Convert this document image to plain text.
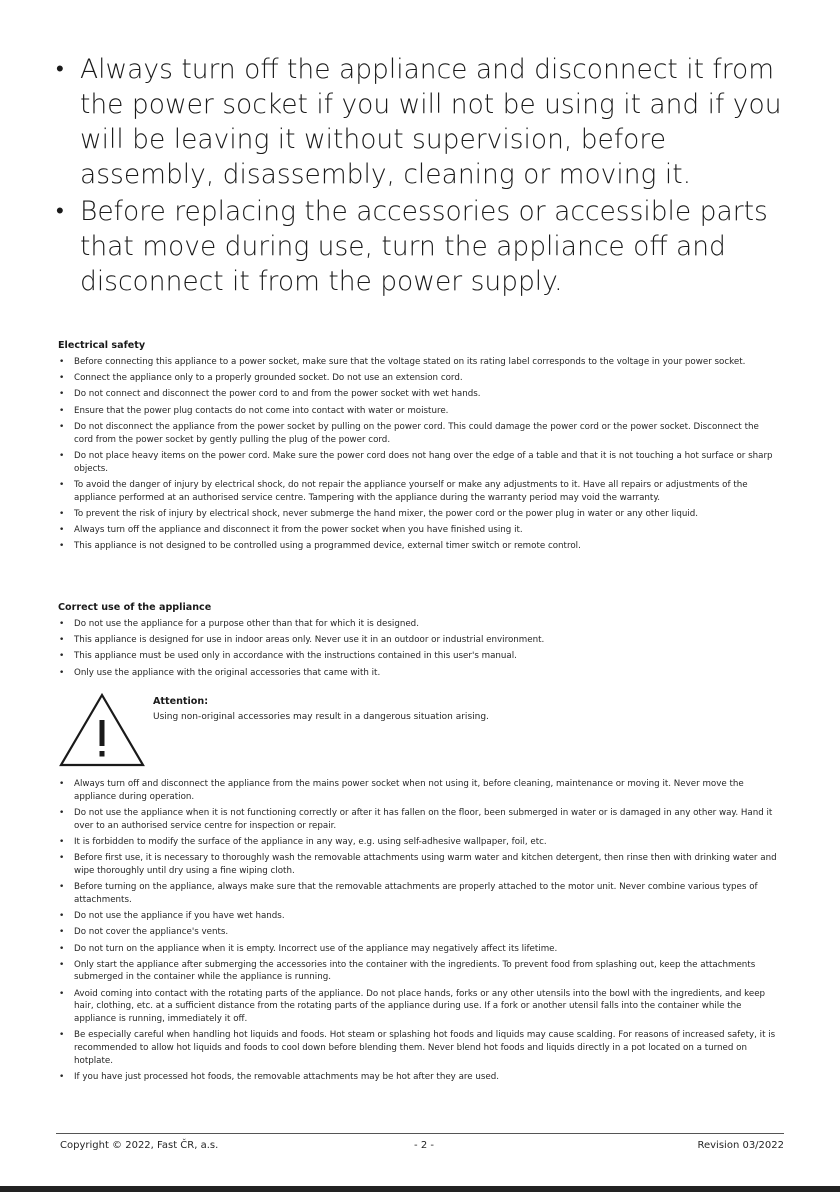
• Always turn off the appliance and disconnect it from the power socket if you will not be using it and if you will be leaving it without supervision, before assembly, disassembly, cleaning or moving it.
• Before replacing the accessories or accessible parts that move during use, turn the appliance off and disconnect it from the power supply.
Electrical safety
• Before connecting this appliance to a power socket, make sure that the voltage stated on its rating label corresponds to the voltage in your power socket.
• Connect the appliance only to a properly grounded socket. Do not use an extension cord.
• Do not connect and disconnect the power cord to and from the power socket with wet hands.
• Ensure that the power plug contacts do not come into contact with water or moisture.
• Do not disconnect the appliance from the power socket by pulling on the power cord. This could damage the power cord or the power socket. Disconnect the cord from the power socket by gently pulling the plug of the power cord.
• Do not place heavy items on the power cord. Make sure the power cord does not hang over the edge of a table and that it is not touching a hot surface or sharp objects.
• To avoid the danger of injury by electrical shock, do not repair the appliance yourself or make any adjustments to it. Have all repairs or adjustments of the appliance performed at an authorised service centre. Tampering with the appliance during the warranty period may void the warranty.
• To prevent the risk of injury by electrical shock, never submerge the hand mixer, the power cord or the power plug in water or any other liquid.
• Always turn off the appliance and disconnect it from the power socket when you have finished using it.
• This appliance is not designed to be controlled using a programmed device, external timer switch or remote control.
Correct use of the appliance
• Do not use the appliance for a purpose other than that for which it is designed.
• This appliance is designed for use in indoor areas only. Never use it in an outdoor or industrial environment.
• This appliance must be used only in accordance with the instructions contained in this user's manual.
• Only use the appliance with the original accessories that came with it.
Attention:
Using non-original accessories may result in a dangerous situation arising.
• Always turn off and disconnect the appliance from the mains power socket when not using it, before cleaning, maintenance or moving it. Never move the appliance during operation.
• Do not use the appliance when it is not functioning correctly or after it has fallen on the floor, been submerged in water or is damaged in any other way. Hand it over to an authorised service centre for inspection or repair.
• It is forbidden to modify the surface of the appliance in any way, e.g. using self-adhesive wallpaper, foil, etc.
• Before first use, it is necessary to thoroughly wash the removable attachments using warm water and kitchen detergent, then rinse then with drinking water and wipe thoroughly until dry using a fine wiping cloth.
• Before turning on the appliance, always make sure that the removable attachments are properly attached to the motor unit. Never combine various types of attachments.
• Do not use the appliance if you have wet hands.
• Do not cover the appliance's vents.
• Do not turn on the appliance when it is empty. Incorrect use of the appliance may negatively affect its lifetime.
• Only start the appliance after submerging the accessories into the container with the ingredients. To prevent food from splashing out, keep the attachments submerged in the container while the appliance is running.
• Avoid coming into contact with the rotating parts of the appliance. Do not place hands, forks or any other utensils into the bowl with the ingredients, and keep hair, clothing, etc. at a sufficient distance from the rotating parts of the appliance during use. If a fork or another utensil falls into the container while the appliance is running, immediately it off.
• Be especially careful when handling hot liquids and foods. Hot steam or splashing hot foods and liquids may cause scalding. For reasons of increased safety, it is recommended to allow hot liquids and foods to cool down before blending them. Never blend hot foods and liquids directly in a pot located on a turned on hotplate.
• If you have just processed hot foods, the removable attachments may be hot after they are used.
Copyright © 2022, Fast ČR, a.s.	- 2 -	Revision 03/2022
